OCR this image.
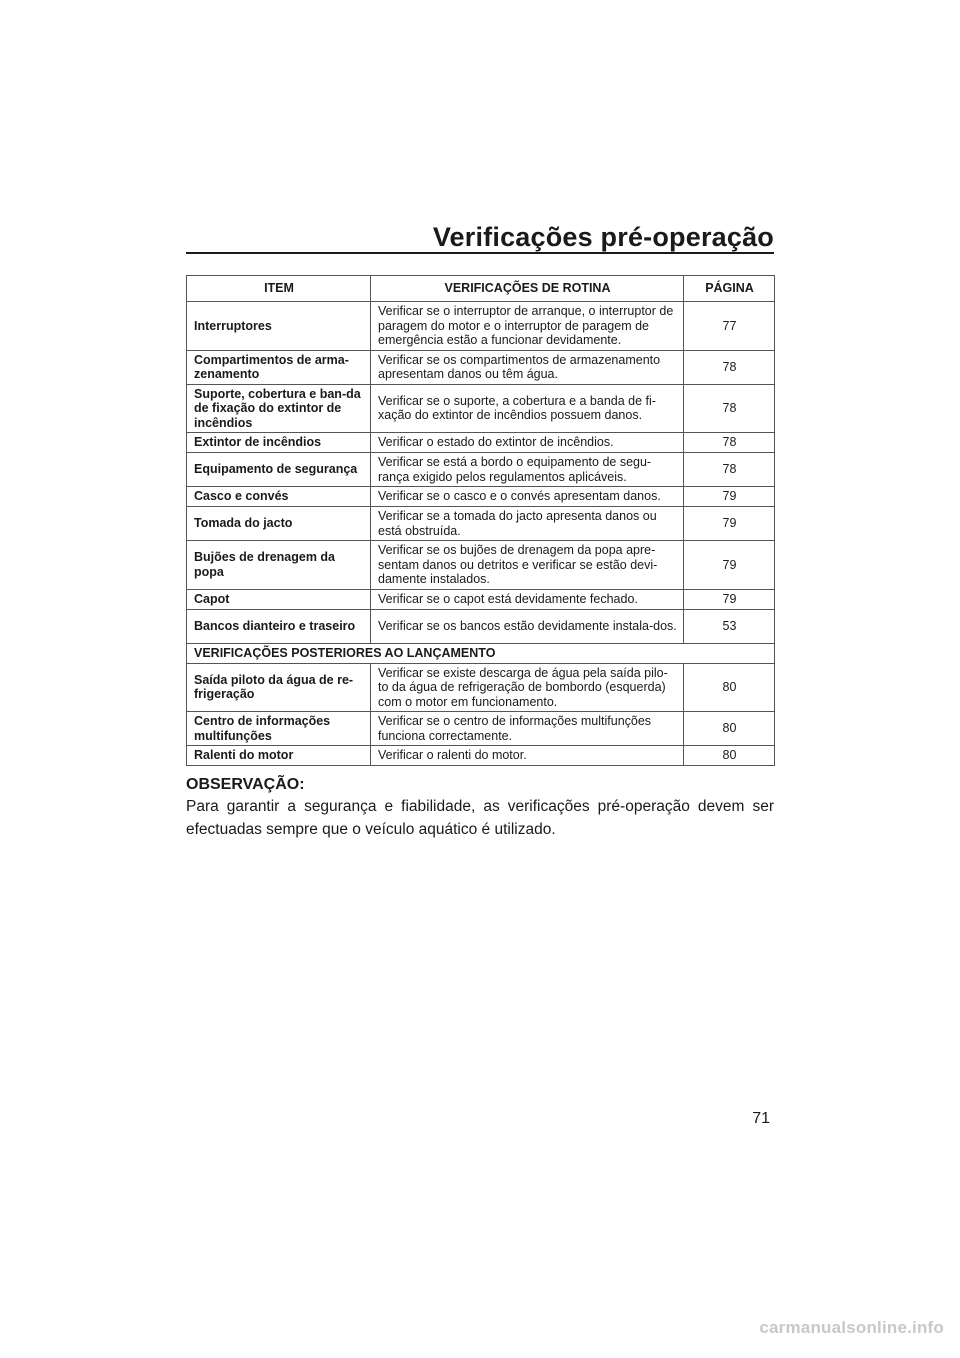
Verificações pré-operação
ITEM	VERIFICAÇÕES DE ROTINA	PÁGINA
Interruptores	Verificar se o interruptor de arranque, o interruptor de paragem do motor e o interruptor de paragem de emergência estão a funcionar devidamente.	77
Compartimentos de arma-zenamento	Verificar se os compartimentos de armazenamento apresentam danos ou têm água.	78
Suporte, cobertura e ban-da de fixação do extintor de incêndios	Verificar se o suporte, a cobertura e a banda de fi-xação do extintor de incêndios possuem danos.	78
Extintor de incêndios	Verificar o estado do extintor de incêndios.	78
Equipamento de segurança	Verificar se está a bordo o equipamento de segu-rança exigido pelos regulamentos aplicáveis.	78
Casco e convés	Verificar se o casco e o convés apresentam danos.	79
Tomada do jacto	Verificar se a tomada do jacto apresenta danos ou está obstruída.	79
Bujões de drenagem da popa	Verificar se os bujões de drenagem da popa apre-sentam danos ou detritos e verificar se estão devi-damente instalados.	79
Capot	Verificar se o capot está devidamente fechado.	79
Bancos dianteiro e traseiro	Verificar se os bancos estão devidamente instala-dos.	53
VERIFICAÇÕES POSTERIORES AO LANÇAMENTO		
Saída piloto da água de re-frigeração	Verificar se existe descarga de água pela saída pilo-to da água de refrigeração de bombordo (esquerda) com o motor em funcionamento.	80
Centro de informações multifunções	Verificar se o centro de informações multifunções funciona correctamente.	80
Ralenti do motor	Verificar o ralenti do motor.	80
OBSERVAÇÃO:

Para garantir a segurança e fiabilidade, as verificações pré-operação devem ser efectuadas sempre que o veículo aquático é utilizado.

71
carmanualsonline.info
